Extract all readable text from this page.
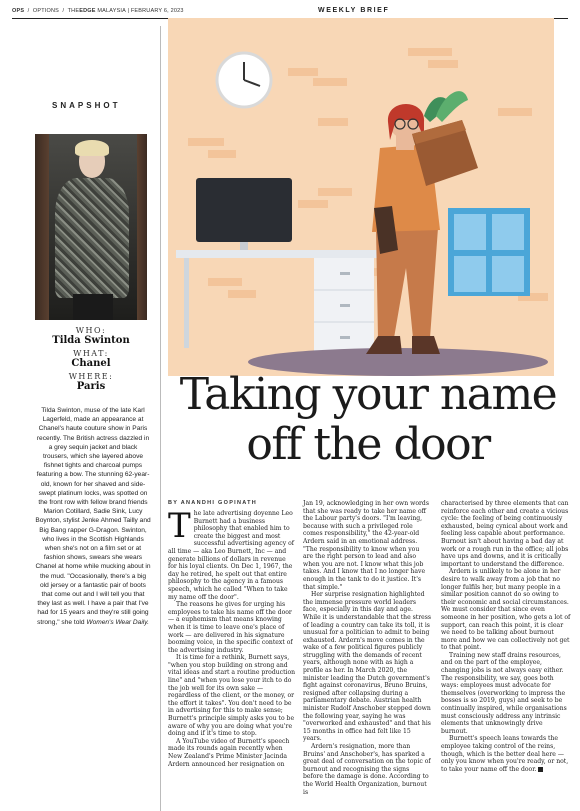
OPS  /  OPTIONS  /  THEEDGE MALAYSIA | FEBRUARY 6, 2023	WEEKLY BRIEF
SNAPSHOT
WHO:
Tilda Swinton
WHAT:
Chanel
WHERE:
Paris
Tilda Swinton, muse of the late Karl Lagerfeld, made an appearance at Chanel's haute couture show in Paris recently. The British actress dazzled in a grey sequin jacket and black trousers, which she layered above fishnet tights and charcoal pumps featuring a bow. The stunning 62-year-old, known for her shaved and side-swept platinum locks, was spotted on the front row with fellow brand friends Marion Cotillard, Sadie Sink, Lucy Boynton, stylist Jenke Ahmed Tailly and Big Bang rapper G-Dragon. Swinton, who lives in the Scottish Highlands when she's not on a film set or at fashion shows, swears she wears Chanel at home while mucking about in the mud. "Occasionally, there's a big old jersey or a fantastic pair of boots that come out and I will tell you that they last as well. I have a pair that I've had for 15 years and they're still going strong," she told Women's Wear Daily.
Taking your name
off the door
BY ANANDHI GOPINATH

The late advertising doyenne Leo Burnett had a business philosophy that enabled him to create the biggest and most successful advertising agency of all time — aka Leo Burnett, Inc — and generate billions of dollars in revenue for his loyal clients. On Dec 1, 1967, the day he retired, he spelt out that entire philosophy to the agency in a famous speech, which he called "When to take my name off the door".

The reasons he gives for urging his employees to take his name off the door — a euphemism that means knowing when it is time to leave one's place of work — are delivered in his signature booming voice, in the specific context of the advertising industry.

It is time for a rethink, Burnett says, "when you stop building on strong and vital ideas and start a routine production line" and "when you lose your itch to do the job well for its own sake — regardless of the client, or the money, or the effort it takes". You don't need to be in advertising for this to make sense; Burnett's principle simply asks you to be aware of why you are doing what you're doing and if it's time to stop.

A YouTube video of Burnett's speech made its rounds again recently when New Zealand's Prime Minister Jacinda Ardern announced her resignation on

Jan 19, acknowledging in her own words that she was ready to take her name off the Labour party's doors. "I'm leaving, because with such a privileged role comes responsibility," the 42-year-old Ardern said in an emotional address. "The responsibility to know when you are the right person to lead and also when you are not. I know what this job takes. And I know that I no longer have enough in the tank to do it justice. It's that simple."

Her surprise resignation highlighted the immense pressure world leaders face, especially in this day and age. While it is understandable that the stress of leading a country can take its toll, it is unusual for a politician to admit to being exhausted. Ardern's move comes in the wake of a few political figures publicly struggling with the demands of recent years, although none with as high a profile as her. In March 2020, the minister leading the Dutch government's fight against coronavirus, Bruno Bruins, resigned after collapsing during a parliamentary debate. Austrian health minister Rudolf Anschober stepped down the following year, saying he was "overworked and exhausted" and that his 15 months in office had felt like 15 years.

Ardern's resignation, more than Bruins' and Anschober's, has sparked a great deal of conversation on the topic of burnout and recognising the signs before the damage is done. According to the World Health Organization, burnout is

characterised by three elements that can reinforce each other and create a vicious cycle: the feeling of being continuously exhausted, being cynical about work and feeling less capable about performance. Burnout isn't about having a bad day at work or a rough run in the office; all jobs have ups and downs, and it is critically important to understand the difference.

Ardern is unlikely to be alone in her desire to walk away from a job that no longer fulfils her, but many people in a similar position cannot do so owing to their economic and social circumstances. We must consider that since even someone in her position, who gets a lot of support, can reach this point, it is clear we need to be talking about burnout more and how we can collectively not get to that point.

Training new staff drains resources, and on the part of the employee, changing jobs is not always easy either. The responsibility, we say, goes both ways: employees must advocate for themselves (overworking to impress the bosses is so 2019, guys) and seek to be continually inspired, while organisations must consciously address any intrinsic elements that unknowingly drive burnout.

Burnett's speech leans towards the employee taking control of the reins, though, which is the better deal here — only you know when you're ready, or not, to take your name off the door.
